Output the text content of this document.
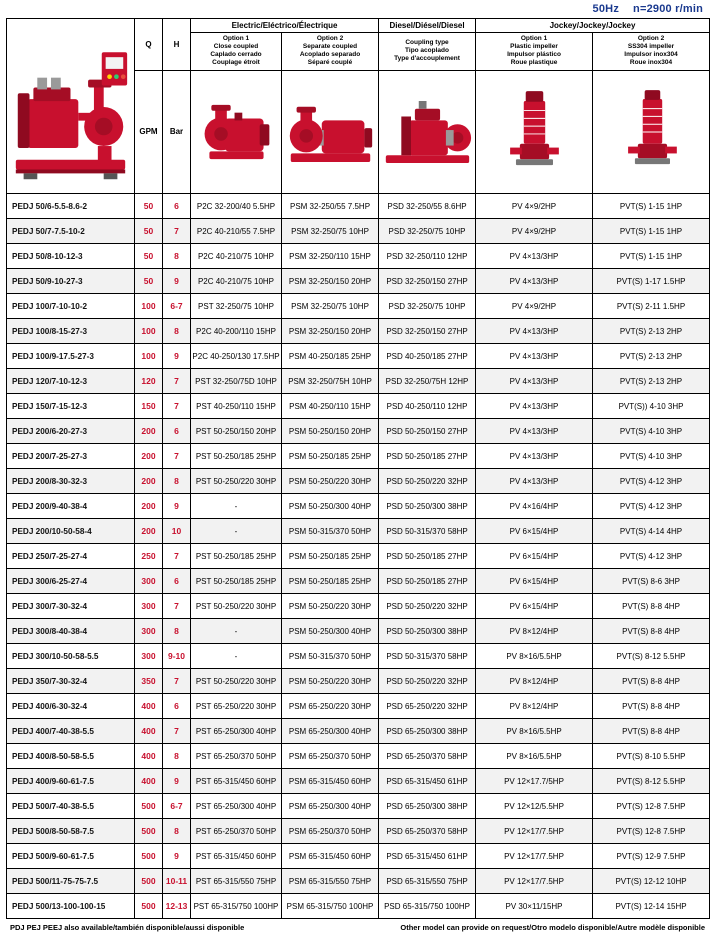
50Hz n=2900 r/min
	Q	H	Electric/Eléctrico/Électrique		Diesel/Diésel/Diesel	Jockey/Jockey/Jockey	

Option 1
Close coupled
Caplado cerrado
Couplage étroit

Option 2
Separate coupled
Acoplado separado
Séparé couplé

Coupling type
Tipo acoplado
Type d'accouplement

Option 1
Plastic impeller
Impulsor plástico
Roue plastique

Option 2
SS304 impeller
Impulsor inox304
Roue inox304

	GPM	Bar	

PEDJ 50/6-5.5-8.6-2	50	6	P2C 32-200/40 5.5HP	PSM 32-250/55 7.5HP	PSD 32-250/55 8.6HP	PV 4×9/2HP	PVT(S) 1-15 1HP
PEDJ 50/7-7.5-10-2	50	7	P2C 40-210/55 7.5HP	PSM 32-250/75 10HP	PSD 32-250/75 10HP	PV 4×9/2HP	PVT(S) 1-15 1HP
PEDJ 50/8-10-12-3	50	8	P2C 40-210/75 10HP	PSM 32-250/110 15HP	PSD 32-250/110 12HP	PV 4×13/3HP	PVT(S) 1-15 1HP
PEDJ 50/9-10-27-3	50	9	P2C 40-210/75 10HP	PSM 32-250/150 20HP	PSD 32-250/150 27HP	PV 4×13/3HP	PVT(S) 1-17 1.5HP
PEDJ 100/7-10-10-2	100	6-7	PST 32-250/75 10HP	PSM 32-250/75 10HP	PSD 32-250/75 10HP	PV 4×9/2HP	PVT(S) 2-11 1.5HP
PEDJ 100/8-15-27-3	100	8	P2C 40-200/110 15HP	PSM 32-250/150 20HP	PSD 32-250/150 27HP	PV 4×13/3HP	PVT(S) 2-13 2HP
PEDJ 100/9-17.5-27-3	100	9	P2C 40-250/130 17.5HP	PSM 40-250/185 25HP	PSD 40-250/185 27HP	PV 4×13/3HP	PVT(S) 2-13 2HP
PEDJ 120/7-10-12-3	120	7	PST 32-250/75D 10HP	PSM 32-250/75H 10HP	PSD 32-250/75H 12HP	PV 4×13/3HP	PVT(S) 2-13 2HP
PEDJ 150/7-15-12-3	150	7	PST 40-250/110 15HP	PSM 40-250/110 15HP	PSD 40-250/110 12HP	PV 4×13/3HP	PVT(S)) 4-10 3HP
PEDJ 200/6-20-27-3	200	6	PST 50-250/150 20HP	PSM 50-250/150 20HP	PSD 50-250/150 27HP	PV 4×13/3HP	PVT(S) 4-10 3HP
PEDJ 200/7-25-27-3	200	7	PST 50-250/185 25HP	PSM 50-250/185 25HP	PSD 50-250/185 27HP	PV 4×13/3HP	PVT(S) 4-10 3HP
PEDJ 200/8-30-32-3	200	8	PST 50-250/220 30HP	PSM 50-250/220 30HP	PSD 50-250/220 32HP	PV 4×13/3HP	PVT(S) 4-12 3HP
PEDJ 200/9-40-38-4	200	9	-	PSM 50-250/300 40HP	PSD 50-250/300 38HP	PV 4×16/4HP	PVT(S) 4-12 3HP
PEDJ 200/10-50-58-4	200	10	-	PSM 50-315/370 50HP	PSD 50-315/370 58HP	PV 6×15/4HP	PVT(S) 4-14 4HP
PEDJ 250/7-25-27-4	250	7	PST 50-250/185 25HP	PSM 50-250/185 25HP	PSD 50-250/185 27HP	PV 6×15/4HP	PVT(S) 4-12 3HP
PEDJ 300/6-25-27-4	300	6	PST 50-250/185 25HP	PSM 50-250/185 25HP	PSD 50-250/185 27HP	PV 6×15/4HP	PVT(S) 8-6 3HP
PEDJ 300/7-30-32-4	300	7	PST 50-250/220 30HP	PSM 50-250/220 30HP	PSD 50-250/220 32HP	PV 6×15/4HP	PVT(S) 8-8 4HP
PEDJ 300/8-40-38-4	300	8	-	PSM 50-250/300 40HP	PSD 50-250/300 38HP	PV 8×12/4HP	PVT(S) 8-8 4HP
PEDJ 300/10-50-58-5.5	300	9-10	-	PSM 50-315/370 50HP	PSD 50-315/370 58HP	PV 8×16/5.5HP	PVT(S) 8-12 5.5HP
PEDJ 350/7-30-32-4	350	7	PST 50-250/220 30HP	PSM 50-250/220 30HP	PSD 50-250/220 32HP	PV 8×12/4HP	PVT(S) 8-8 4HP
PEDJ 400/6-30-32-4	400	6	PST 65-250/220 30HP	PSM 65-250/220 30HP	PSD 65-250/220 32HP	PV 8×12/4HP	PVT(S) 8-8 4HP
PEDJ 400/7-40-38-5.5	400	7	PST 65-250/300 40HP	PSM 65-250/300 40HP	PSD 65-250/300 38HP	PV 8×16/5.5HP	PVT(S) 8-8 4HP
PEDJ 400/8-50-58-5.5	400	8	PST 65-250/370 50HP	PSM 65-250/370 50HP	PSD 65-250/370 58HP	PV 8×16/5.5HP	PVT(S) 8-10 5.5HP
PEDJ 400/9-60-61-7.5	400	9	PST 65-315/450 60HP	PSM 65-315/450 60HP	PSD 65-315/450 61HP	PV 12×17.7/5HP	PVT(S) 8-12 5.5HP
PEDJ 500/7-40-38-5.5	500	6-7	PST 65-250/300 40HP	PSM 65-250/300 40HP	PSD 65-250/300 38HP	PV 12×12/5.5HP	PVT(S) 12-8 7.5HP
PEDJ 500/8-50-58-7.5	500	8	PST 65-250/370 50HP	PSM 65-250/370 50HP	PSD 65-250/370 58HP	PV 12×17/7.5HP	PVT(S) 12-8 7.5HP
PEDJ 500/9-60-61-7.5	500	9	PST 65-315/450 60HP	PSM 65-315/450 60HP	PSD 65-315/450 61HP	PV 12×17/7.5HP	PVT(S) 12-9 7.5HP
PEDJ 500/11-75-75-7.5	500	10-11	PST 65-315/550 75HP	PSM 65-315/550 75HP	PSD 65-315/550 75HP	PV 12×17/7.5HP	PVT(S) 12-12 10HP
PEDJ 500/13-100-100-15	500	12-13	PST 65-315/750 100HP	PSM 65-315/750 100HP	PSD 65-315/750 100HP	PV 30×11/15HP	PVT(S) 12-14 15HP
PDJ PEJ PEEJ also available/también disponible/aussi disponible	Other model can provide on request/Otro modelo disponible/Autre modèle disponible
